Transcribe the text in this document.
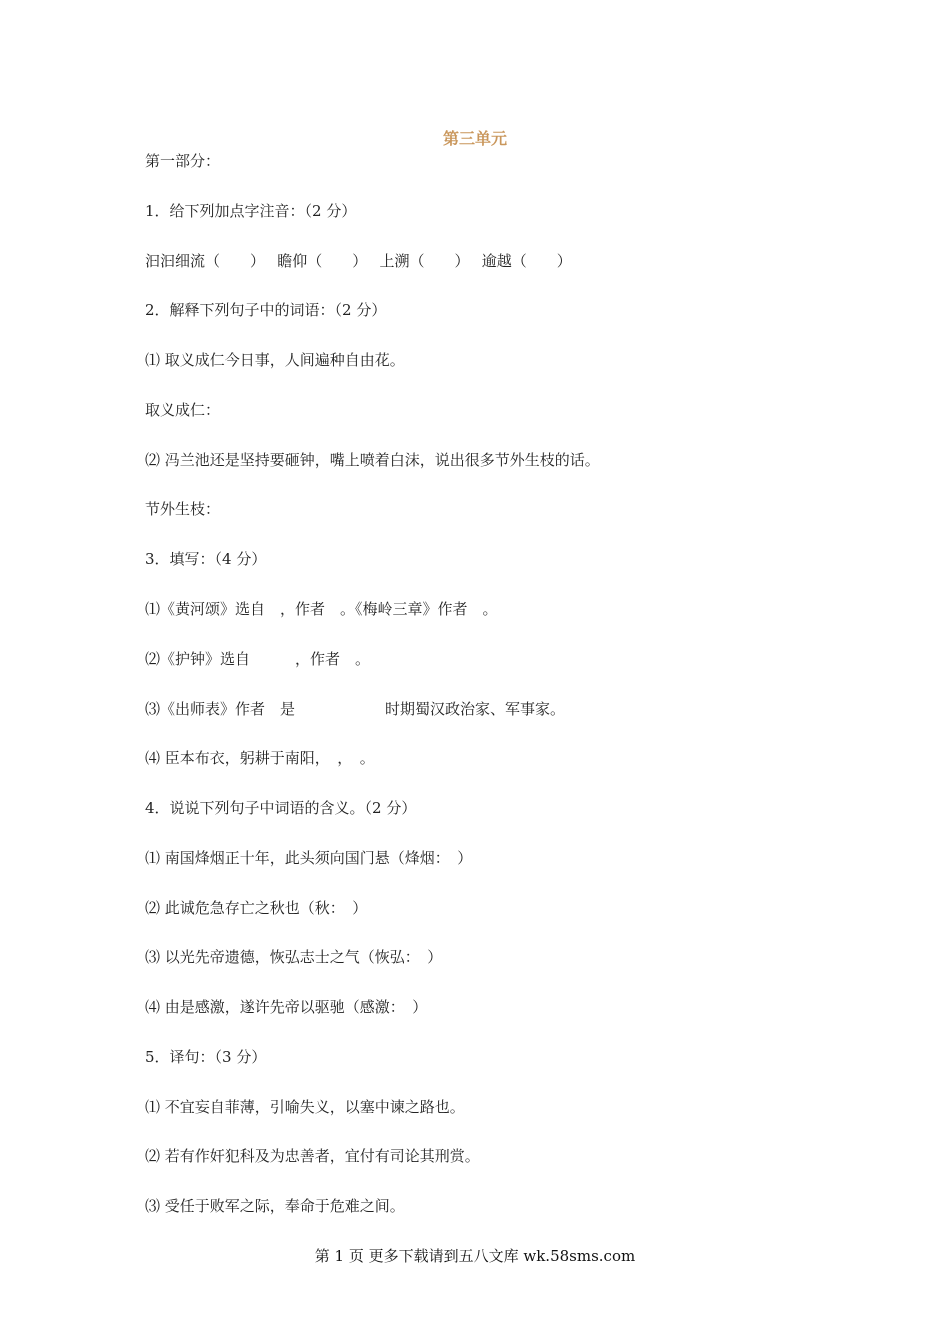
第三单元
第一部分：
1．给下列加点字注音：（2 分）
汩汩细流（　　）　 瞻仰（　　）　 上溯（　　）　 逾越（　　）
2．解释下列句子中的词语：（2 分）
⑴ 取义成仁今日事，人间遍种自由花。
取义成仁：
⑵ 冯兰池还是坚持要砸钟，嘴上喷着白沫，说出很多节外生枝的话。
节外生枝：
3．填写：（4 分）
⑴《黄河颂》选自　，作者　。《梅岭三章》作者　。
⑵《护钟》选自　　　，作者　。
⑶《出师表》作者　是　　　　　　时期蜀汉政治家、军事家。
⑷ 臣本布衣，躬耕于南阳，　，　。
4．说说下列句子中词语的含义。（2 分）
⑴ 南国烽烟正十年，此头须向国门悬（烽烟：　）
⑵ 此诚危急存亡之秋也（秋：　）
⑶ 以光先帝遗德，恢弘志士之气（恢弘：　）
⑷ 由是感激，遂许先帝以驱驰（感激：　）
5．译句：（3 分）
⑴ 不宜妄自菲薄，引喻失义，以塞中谏之路也。
⑵ 若有作奸犯科及为忠善者，宜付有司论其刑赏。
⑶ 受任于败军之际，奉命于危难之间。
第 1 页 更多下载请到五八文库 wk.58sms.com
